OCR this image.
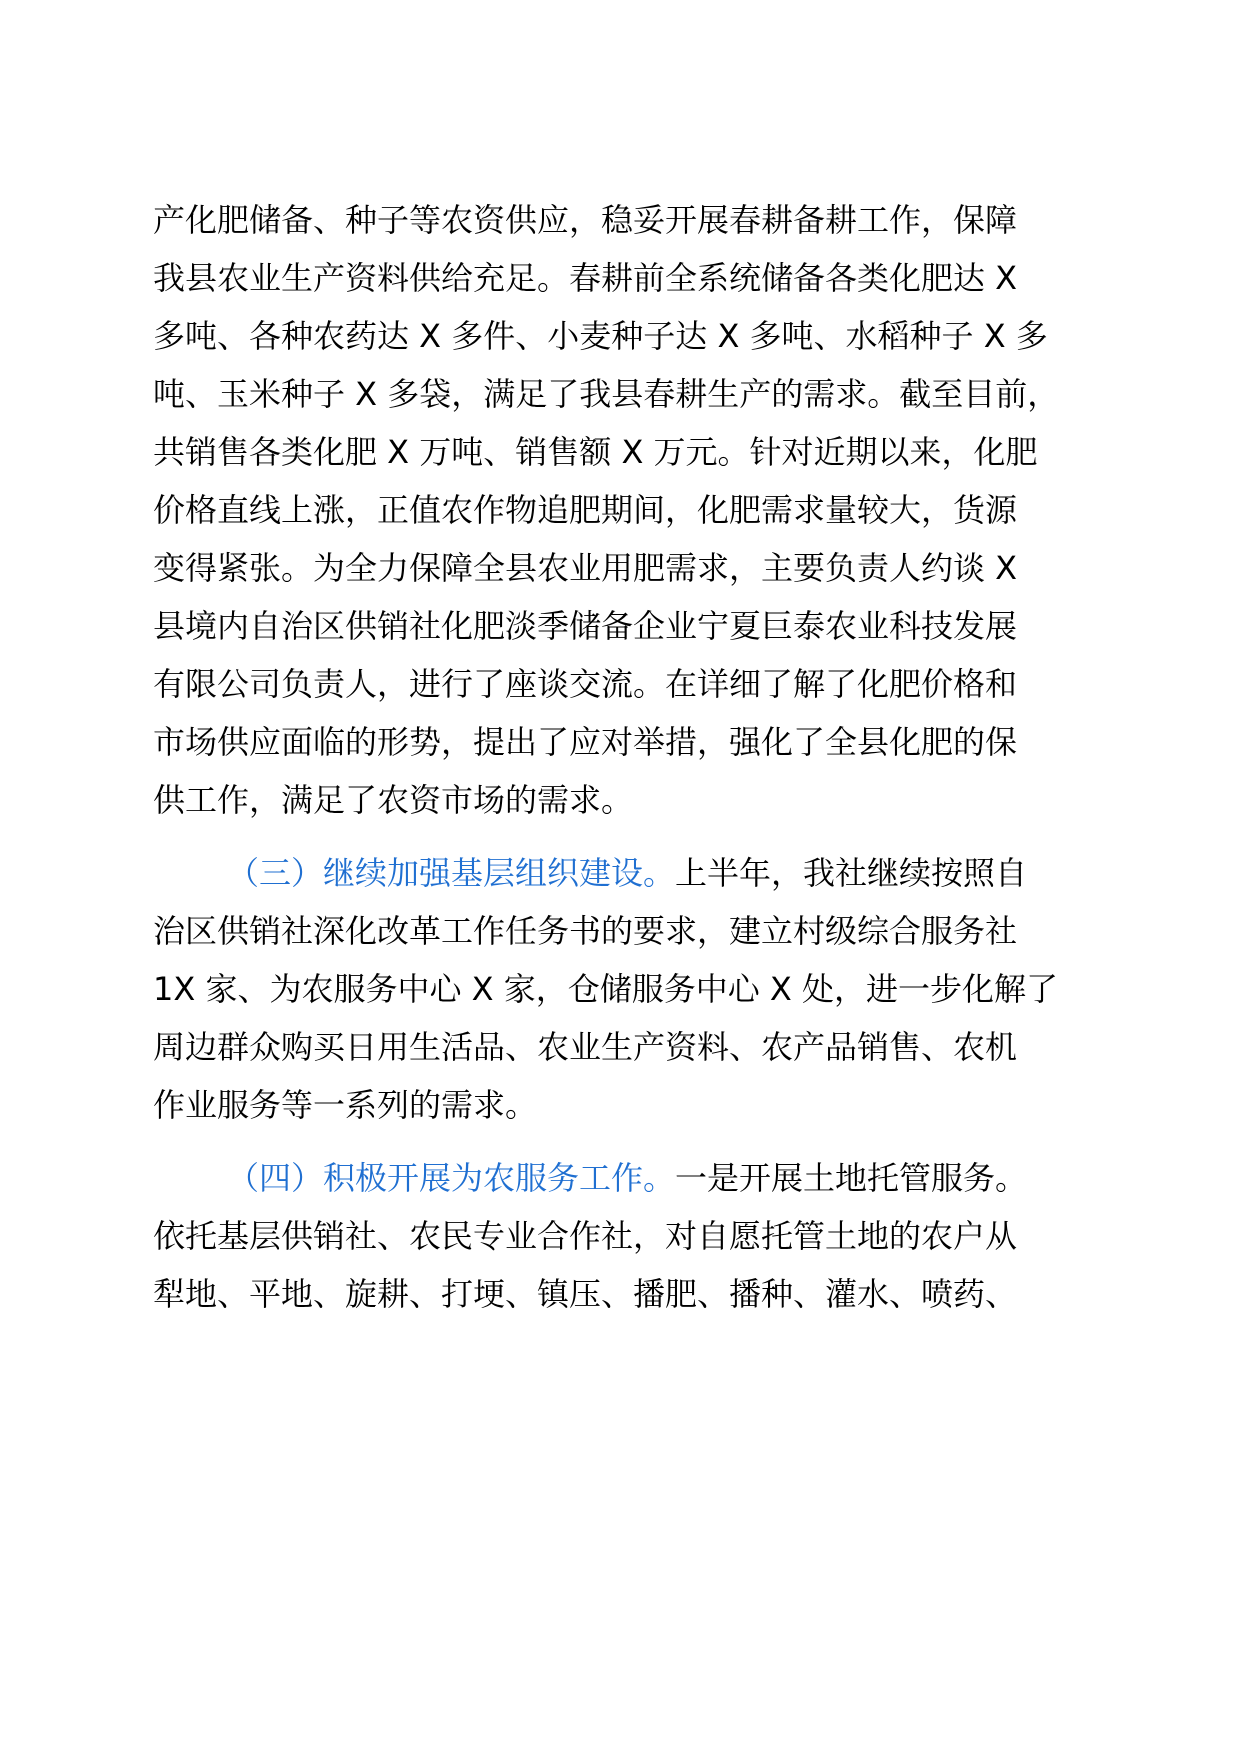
产化肥储备、种子等农资供应，稳妥开展春耕备耕工作，保障
我县农业生产资料供给充足。春耕前全系统储备各类化肥达 X
多吨、各种农药达 X 多件、小麦种子达 X 多吨、水稻种子 X 多
吨、玉米种子 X 多袋，满足了我县春耕生产的需求。截至目前，
共销售各类化肥 X 万吨、销售额 X 万元。针对近期以来，化肥
价格直线上涨，正值农作物追肥期间，化肥需求量较大，货源
变得紧张。为全力保障全县农业用肥需求，主要负责人约谈 X
县境内自治区供销社化肥淡季储备企业宁夏巨泰农业科技发展
有限公司负责人，进行了座谈交流。在详细了解了化肥价格和
市场供应面临的形势，提出了应对举措，强化了全县化肥的保
供工作，满足了农资市场的需求。
（三）继续加强基层组织建设。上半年，我社继续按照自
治区供销社深化改革工作任务书的要求，建立村级综合服务社
1X 家、为农服务中心 X 家，仓储服务中心 X 处，进一步化解了
周边群众购买日用生活品、农业生产资料、农产品销售、农机
作业服务等一系列的需求。
（四）积极开展为农服务工作。一是开展土地托管服务。
依托基层供销社、农民专业合作社，对自愿托管土地的农户从
犁地、平地、旋耕、打埂、镇压、播肥、播种、灌水、喷药、
